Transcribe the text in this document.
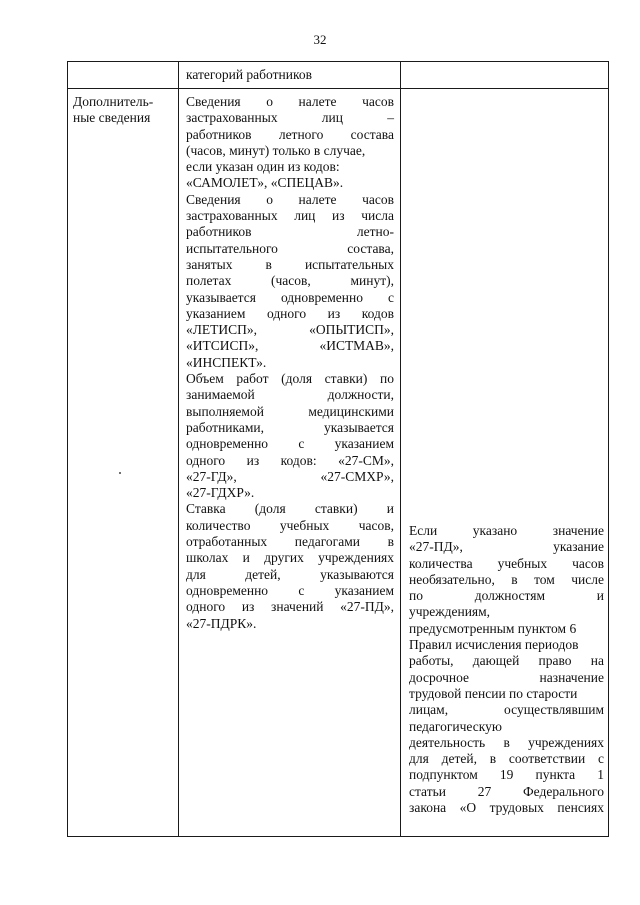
32
категорий работников
Дополнитель-
ные сведения
Сведения о налете часов
застрахованных лиц –
работников летного состава
(часов, минут) только в случае,
если указан один из кодов:
«САМОЛЕТ», «СПЕЦАВ».
Сведения о налете часов
застрахованных лиц из числа
работников летно-
испытательного состава,
занятых в испытательных
полетах (часов, минут),
указывается одновременно с
указанием одного из кодов
«ЛЕТИСП», «ОПЫТИСП»,
«ИТСИСП», «ИСТМАВ»,
«ИНСПЕКТ».
Объем работ (доля ставки) по
занимаемой должности,
выполняемой медицинскими
работниками, указывается
одновременно с указанием
одного из кодов: «27-СМ»,
«27-ГД», «27-СМХР»,
«27-ГДХР».
Ставка (доля ставки) и
количество учебных часов,
отработанных педагогами в
школах и других учреждениях
для детей, указываются
одновременно с указанием
одного из значений «27-ПД»,
«27-ПДРК».
Если указано значение
«27-ПД», указание
количества учебных часов
необязательно, в том числе
по должностям и
учреждениям,
предусмотренным пунктом 6
Правил исчисления периодов
работы, дающей право на
досрочное назначение
трудовой пенсии по старости
лицам, осуществлявшим
педагогическую
деятельность в учреждениях
для детей, в соответствии с
подпунктом 19 пункта 1
статьи 27 Федерального
закона «О трудовых пенсиях
